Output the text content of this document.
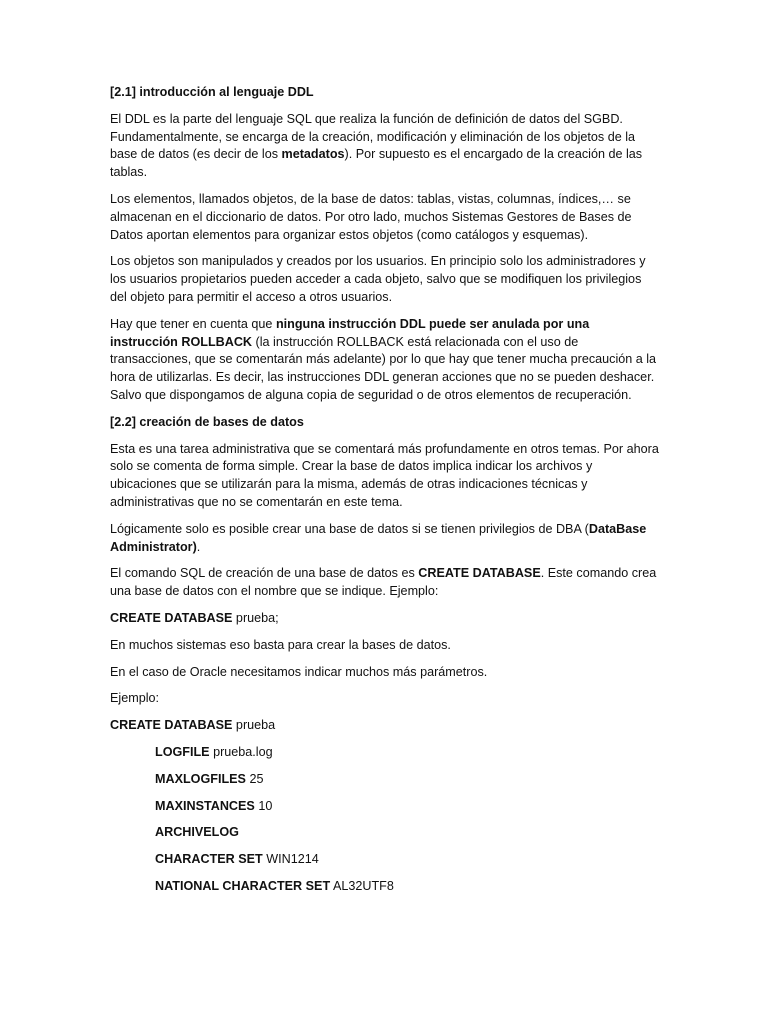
[2.1] introducción al lenguaje DDL

El DDL es la parte del lenguaje SQL que realiza la función de definición de datos del SGBD. Fundamentalmente, se encarga de la creación, modificación y eliminación de los objetos de la base de datos (es decir de los metadatos). Por supuesto es el encargado de la creación de las tablas.

Los elementos, llamados objetos, de la base de datos: tablas, vistas, columnas, índices,… se almacenan en el diccionario de datos. Por otro lado, muchos Sistemas Gestores de Bases de Datos aportan elementos para organizar estos objetos (como catálogos y esquemas).

Los objetos son manipulados y creados por los usuarios. En principio solo los administradores y los usuarios propietarios pueden acceder a cada objeto, salvo que se modifiquen los privilegios del objeto para permitir el acceso a otros usuarios.

Hay que tener en cuenta que ninguna instrucción DDL puede ser anulada por una instrucción ROLLBACK (la instrucción ROLLBACK está relacionada con el uso de transacciones, que se comentarán más adelante) por lo que hay que tener mucha precaución a la hora de utilizarlas. Es decir, las instrucciones DDL generan acciones que no se pueden deshacer. Salvo que dispongamos de alguna copia de seguridad o de otros elementos de recuperación.

[2.2] creación de bases de datos

Esta es una tarea administrativa que se comentará más profundamente en otros temas. Por ahora solo se comenta de forma simple. Crear la base de datos implica indicar los archivos y ubicaciones que se utilizarán para la misma, además de otras indicaciones técnicas y administrativas que no se comentarán en este tema.

Lógicamente solo es posible crear una base de datos si se tienen privilegios de DBA (DataBase Administrator).

El comando SQL de creación de una base de datos es CREATE DATABASE. Este comando crea una base de datos con el nombre que se indique. Ejemplo:

CREATE DATABASE prueba;

En muchos sistemas eso basta para crear la bases de datos.

En el caso de Oracle necesitamos indicar muchos más parámetros.

Ejemplo:

CREATE DATABASE prueba

LOGFILE prueba.log

MAXLOGFILES 25

MAXINSTANCES 10

ARCHIVELOG

CHARACTER SET WIN1214

NATIONAL CHARACTER SET AL32UTF8
